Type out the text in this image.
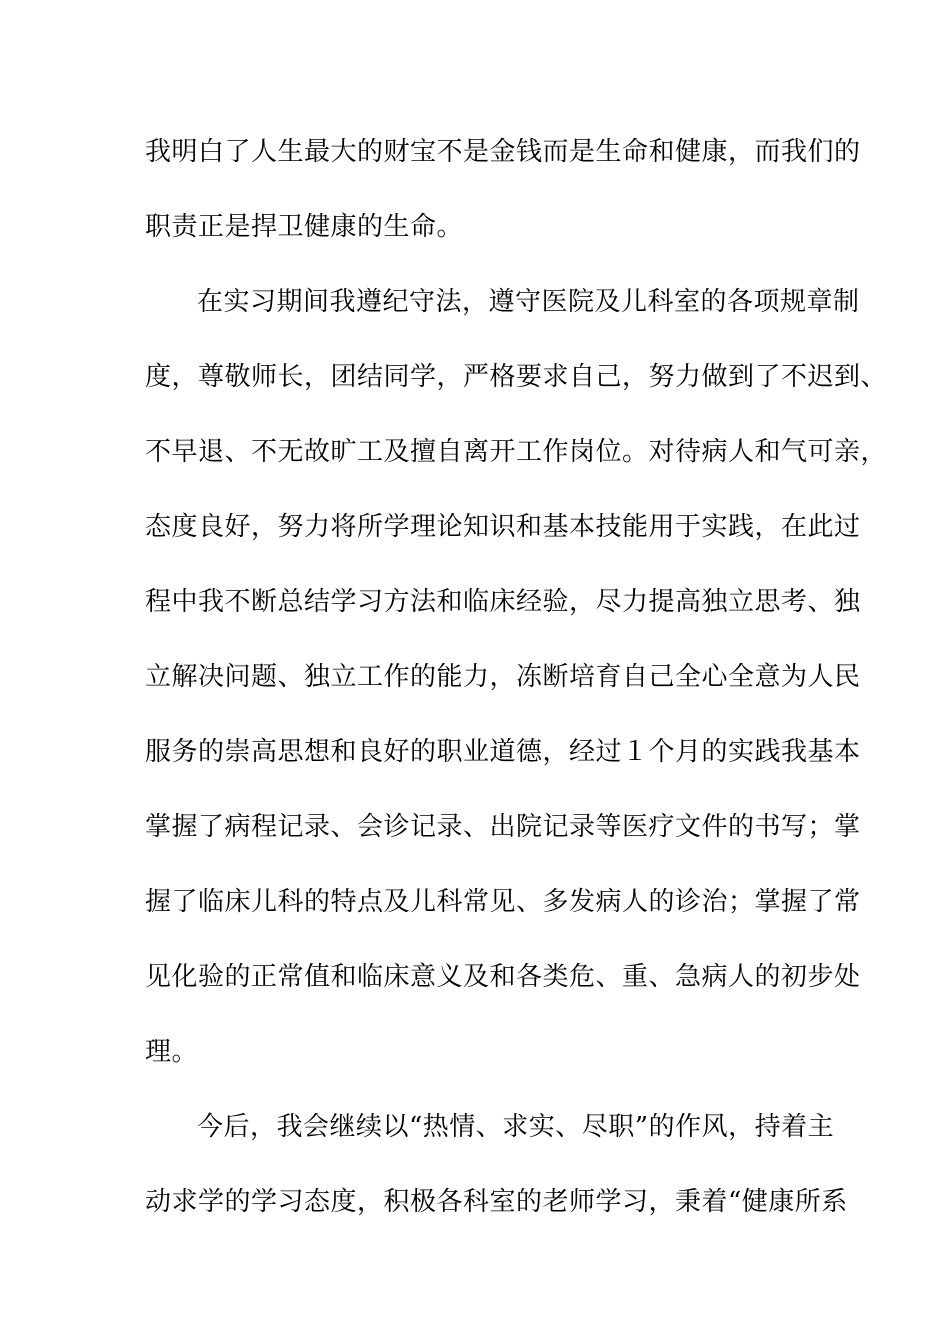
我明白了人生最大的财宝不是金钱而是生命和健康，而我们的
职责正是捍卫健康的生命。
在实习期间我遵纪守法，遵守医院及儿科室的各项规章制
度，尊敬师长，团结同学，严格要求自己，努力做到了不迟到、
不早退、不无故旷工及擅自离开工作岗位。对待病人和气可亲，
态度良好，努力将所学理论知识和基本技能用于实践，在此过
程中我不断总结学习方法和临床经验，尽力提高独立思考、独
立解决问题、独立工作的能力，冻断培育自己全心全意为人民
服务的崇高思想和良好的职业道德，经过１个月的实践我基本
掌握了病程记录、会诊记录、出院记录等医疗文件的书写；掌
握了临床儿科的特点及儿科常见、多发病人的诊治；掌握了常
见化验的正常值和临床意义及和各类危、重、急病人的初步处
理。
今后，我会继续以“热情、求实、尽职”的作风，持着主
动求学的学习态度，积极各科室的老师学习，秉着“健康所系
